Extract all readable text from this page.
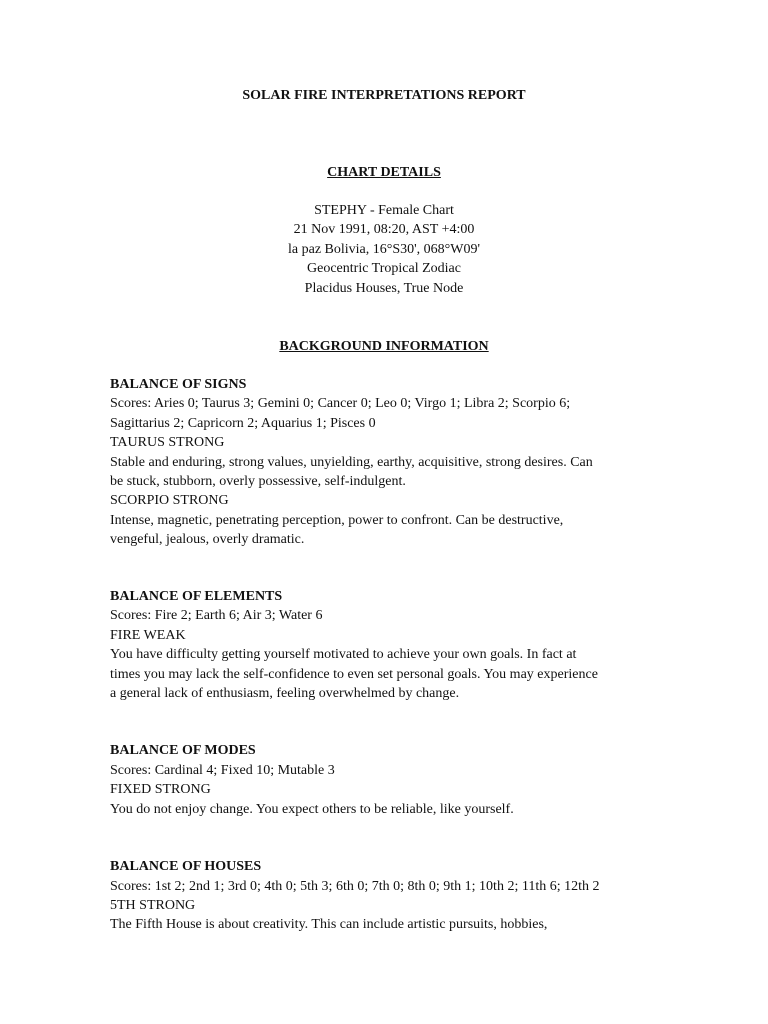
SOLAR FIRE INTERPRETATIONS REPORT
CHART DETAILS
STEPHY - Female Chart
21 Nov 1991, 08:20, AST +4:00
la paz Bolivia, 16°S30', 068°W09'
Geocentric Tropical Zodiac
Placidus Houses, True Node
BACKGROUND INFORMATION
BALANCE OF SIGNS
Scores: Aries 0; Taurus 3; Gemini 0; Cancer 0; Leo 0; Virgo 1; Libra 2; Scorpio 6;
Sagittarius 2; Capricorn 2; Aquarius 1; Pisces 0
TAURUS STRONG
Stable and enduring, strong values, unyielding, earthy, acquisitive, strong desires. Can
be stuck, stubborn, overly possessive, self-indulgent.
SCORPIO STRONG
Intense, magnetic, penetrating perception, power to confront. Can be destructive,
vengeful, jealous, overly dramatic.
BALANCE OF ELEMENTS
Scores: Fire 2; Earth 6; Air 3; Water 6
FIRE WEAK
You have difficulty getting yourself motivated to achieve your own goals. In fact at
times you may lack the self-confidence to even set personal goals. You may experience
a general lack of enthusiasm, feeling overwhelmed by change.
BALANCE OF MODES
Scores: Cardinal 4; Fixed 10; Mutable 3
FIXED STRONG
You do not enjoy change. You expect others to be reliable, like yourself.
BALANCE OF HOUSES
Scores: 1st 2; 2nd 1; 3rd 0; 4th 0; 5th 3; 6th 0; 7th 0; 8th 0; 9th 1; 10th 2; 11th 6; 12th 2
5TH STRONG
The Fifth House is about creativity. This can include artistic pursuits, hobbies,
